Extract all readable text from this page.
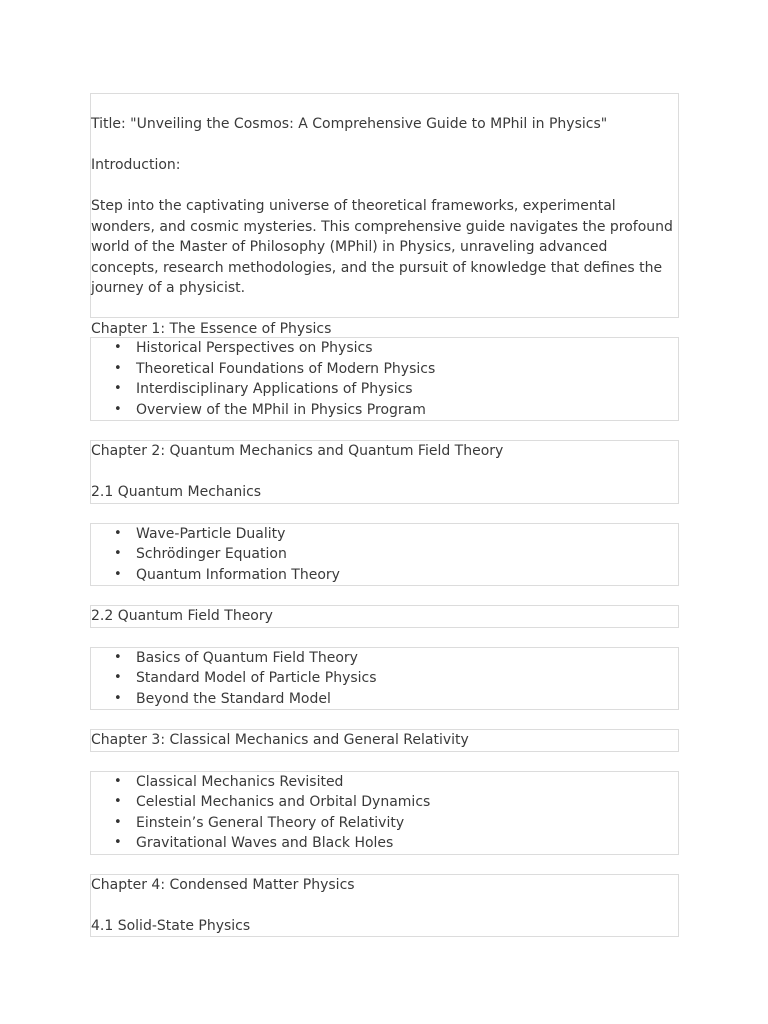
Title: "Unveiling the Cosmos: A Comprehensive Guide to MPhil in Physics"

Introduction:

Step into the captivating universe of theoretical frameworks, experimental wonders, and cosmic mysteries. This comprehensive guide navigates the profound world of the Master of Philosophy (MPhil) in Physics, unraveling advanced concepts, research methodologies, and the pursuit of knowledge that defines the journey of a physicist.

Chapter 1: The Essence of Physics

• Historical Perspectives on Physics
• Theoretical Foundations of Modern Physics
• Interdisciplinary Applications of Physics
• Overview of the MPhil in Physics Program

Chapter 2: Quantum Mechanics and Quantum Field Theory

2.1 Quantum Mechanics

• Wave-Particle Duality
• Schrödinger Equation
• Quantum Information Theory

2.2 Quantum Field Theory

• Basics of Quantum Field Theory
• Standard Model of Particle Physics
• Beyond the Standard Model

Chapter 3: Classical Mechanics and General Relativity

• Classical Mechanics Revisited
• Celestial Mechanics and Orbital Dynamics
• Einstein’s General Theory of Relativity
• Gravitational Waves and Black Holes

Chapter 4: Condensed Matter Physics

4.1 Solid-State Physics
